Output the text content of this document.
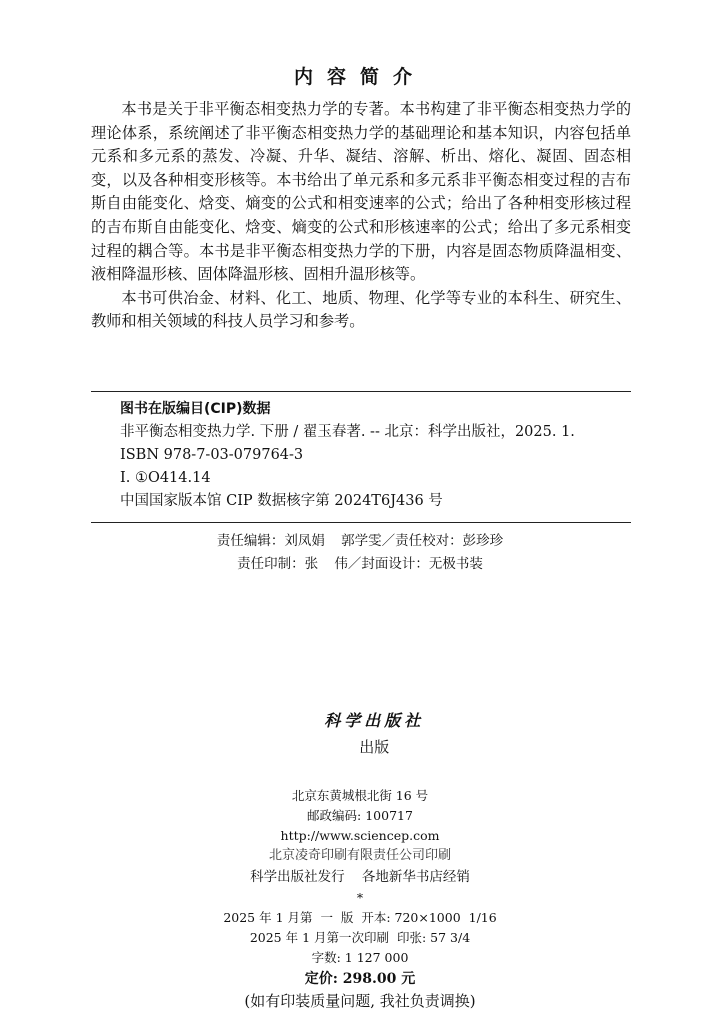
内容简介

本书是关于非平衡态相变热力学的专著。本书构建了非平衡态相变热力学的理论体系，系统阐述了非平衡态相变热力学的基础理论和基本知识，内容包括单元系和多元系的蒸发、冷凝、升华、凝结、溶解、析出、熔化、凝固、固态相变，以及各种相变形核等。本书给出了单元系和多元系非平衡态相变过程的吉布斯自由能变化、焓变、熵变的公式和相变速率的公式；给出了各种相变形核过程的吉布斯自由能变化、焓变、熵变的公式和形核速率的公式；给出了多元系相变过程的耦合等。本书是非平衡态相变热力学的下册，内容是固态物质降温相变、液相降温形核、固体降温形核、固相升温形核等。

本书可供冶金、材料、化工、地质、物理、化学等专业的本科生、研究生、教师和相关领域的科技人员学习和参考。

图书在版编目(CIP)数据
非平衡态相变热力学. 下册 / 翟玉春著. -- 北京：科学出版社，2025. 1.
ISBN 978-7-03-079764-3
Ⅰ. ①O414.14
中国国家版本馆 CIP 数据核字第 2024T6J436 号
责任编辑：刘凤娟  郭学雯／责任校对：彭珍珍
责任印制：张  伟／封面设计：无极书装

科学出版社
出版

北京东黄城根北街 16 号
邮政编码: 100717
http://www.sciencep.com
北京凌奇印刷有限责任公司印刷
科学出版社发行    各地新华书店经销
*
2025 年 1 月第  一  版  开本: 720×1000  1/16
2025 年 1 月第一次印刷  印张: 57 3/4
字数: 1 127 000
定价: 298.00 元
(如有印装质量问题, 我社负责调换)
